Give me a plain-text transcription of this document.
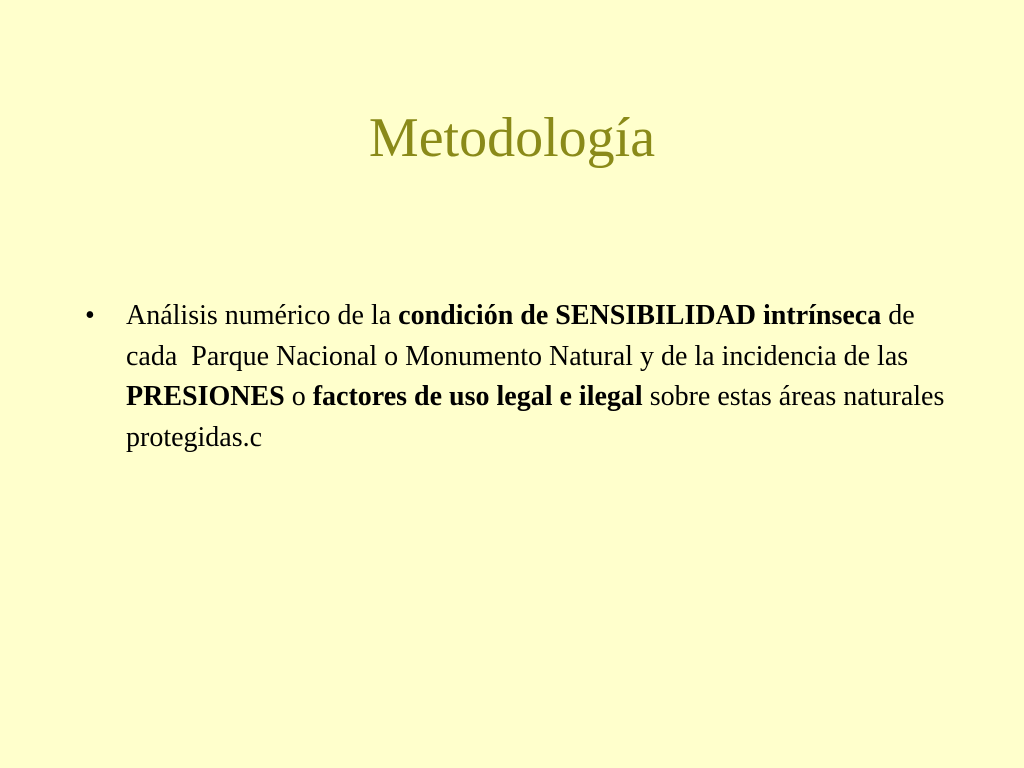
Metodología
• Análisis numérico de la condición de SENSIBILIDAD intrínseca de cada  Parque Nacional o Monumento Natural y de la incidencia de las PRESIONES o factores de uso legal e ilegal sobre estas áreas naturales protegidas.c
